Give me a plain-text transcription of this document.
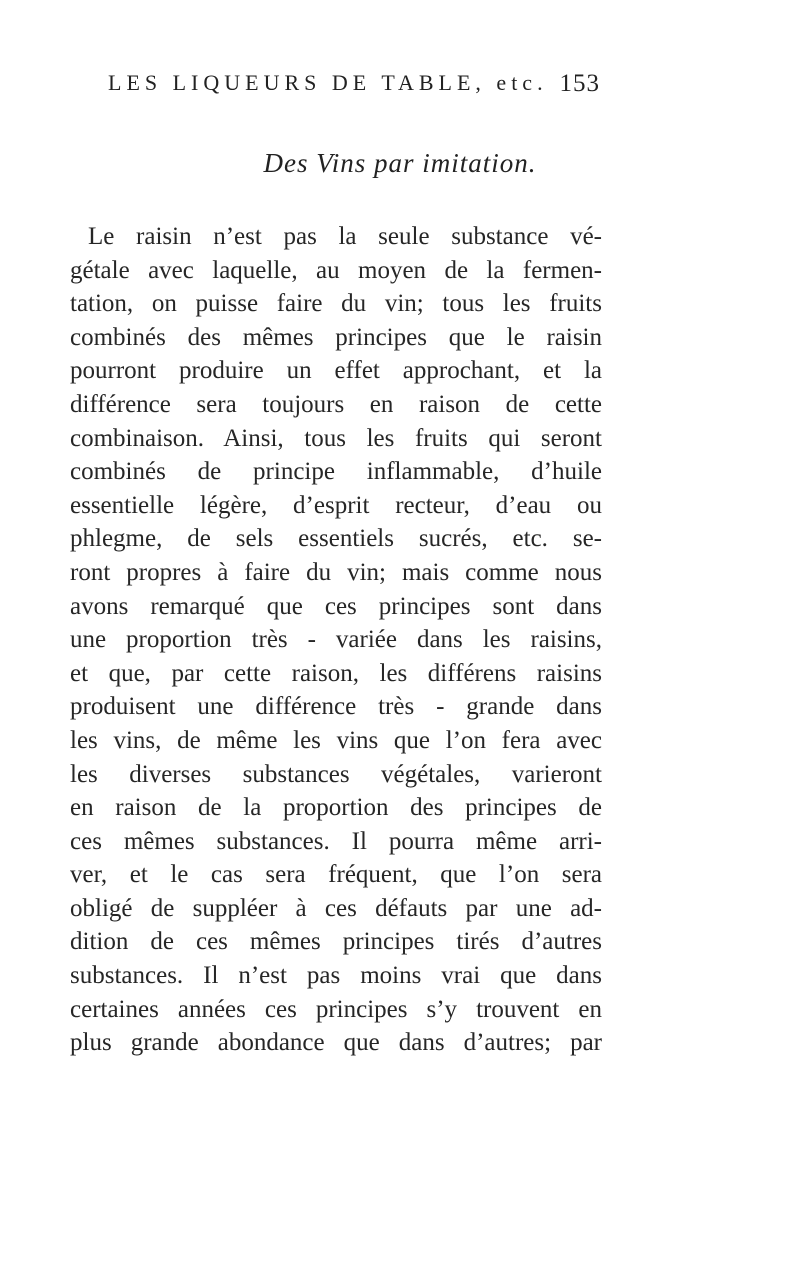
LES LIQUEURS DE TABLE, etc. 153
Des Vins par imitation.
Le raisin n’est pas la seule substance vé-
gétale avec laquelle, au moyen de la fermen-
tation, on puisse faire du vin; tous les fruits
combinés des mêmes principes que le raisin
pourront produire un effet approchant, et la
différence sera toujours en raison de cette
combinaison. Ainsi, tous les fruits qui seront
combinés de principe inflammable, d’huile
essentielle légère, d’esprit recteur, d’eau ou
phlegme, de sels essentiels sucrés, etc. se-
ront propres à faire du vin; mais comme nous
avons remarqué que ces principes sont dans
une proportion très - variée dans les raisins,
et que, par cette raison, les différens raisins
produisent une différence très - grande dans
les vins, de même les vins que l’on fera avec
les diverses substances végétales, varieront
en raison de la proportion des principes de
ces mêmes substances. Il pourra même arri-
ver, et le cas sera fréquent, que l’on sera
obligé de suppléer à ces défauts par une ad-
dition de ces mêmes principes tirés d’autres
substances. Il n’est pas moins vrai que dans
certaines années ces principes s’y trouvent en
plus grande abondance que dans d’autres; par
